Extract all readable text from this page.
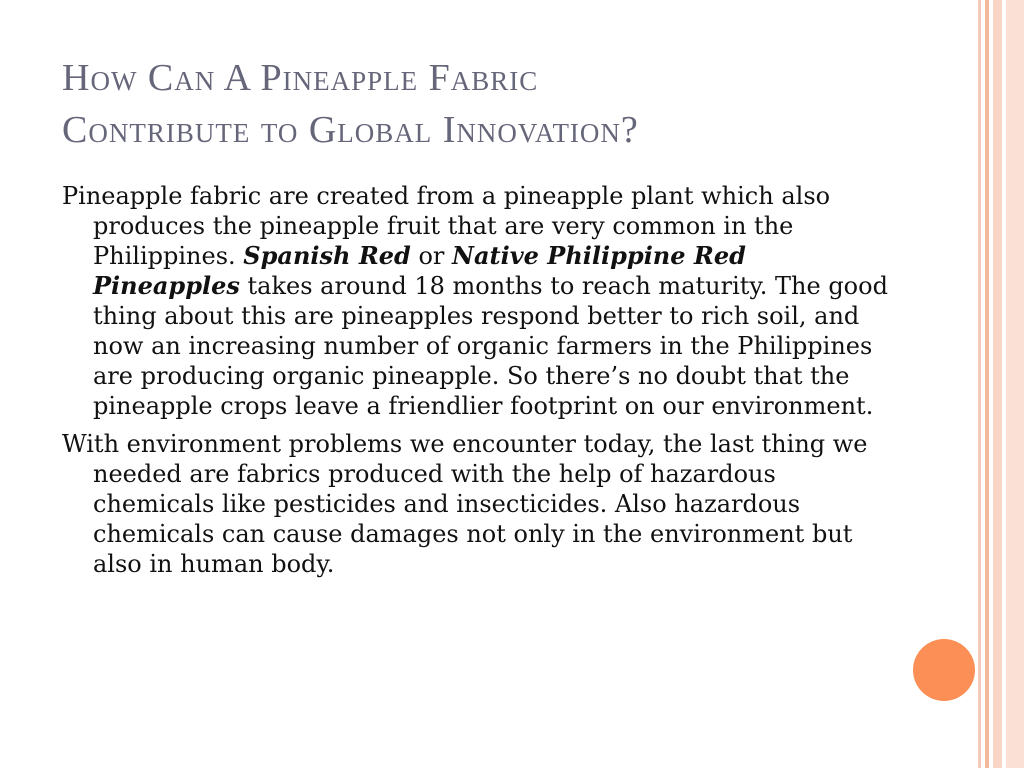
How Can A Pineapple Fabric
Contribute to Global Innovation?

Pineapple fabric are created from a pineapple plant which also produces the pineapple fruit that are very common in the Philippines. Spanish Red or Native Philippine Red Pineapples takes around 18 months to reach maturity. The good thing about this are pineapples respond better to rich soil, and now an increasing number of organic farmers in the Philippines are producing organic pineapple. So there’s no doubt that the pineapple crops leave a friendlier footprint on our environment.

With environment problems we encounter today, the last thing we needed are fabrics produced with the help of hazardous chemicals like pesticides and insecticides. Also hazardous chemicals can cause damages not only in the environment but also in human body.
